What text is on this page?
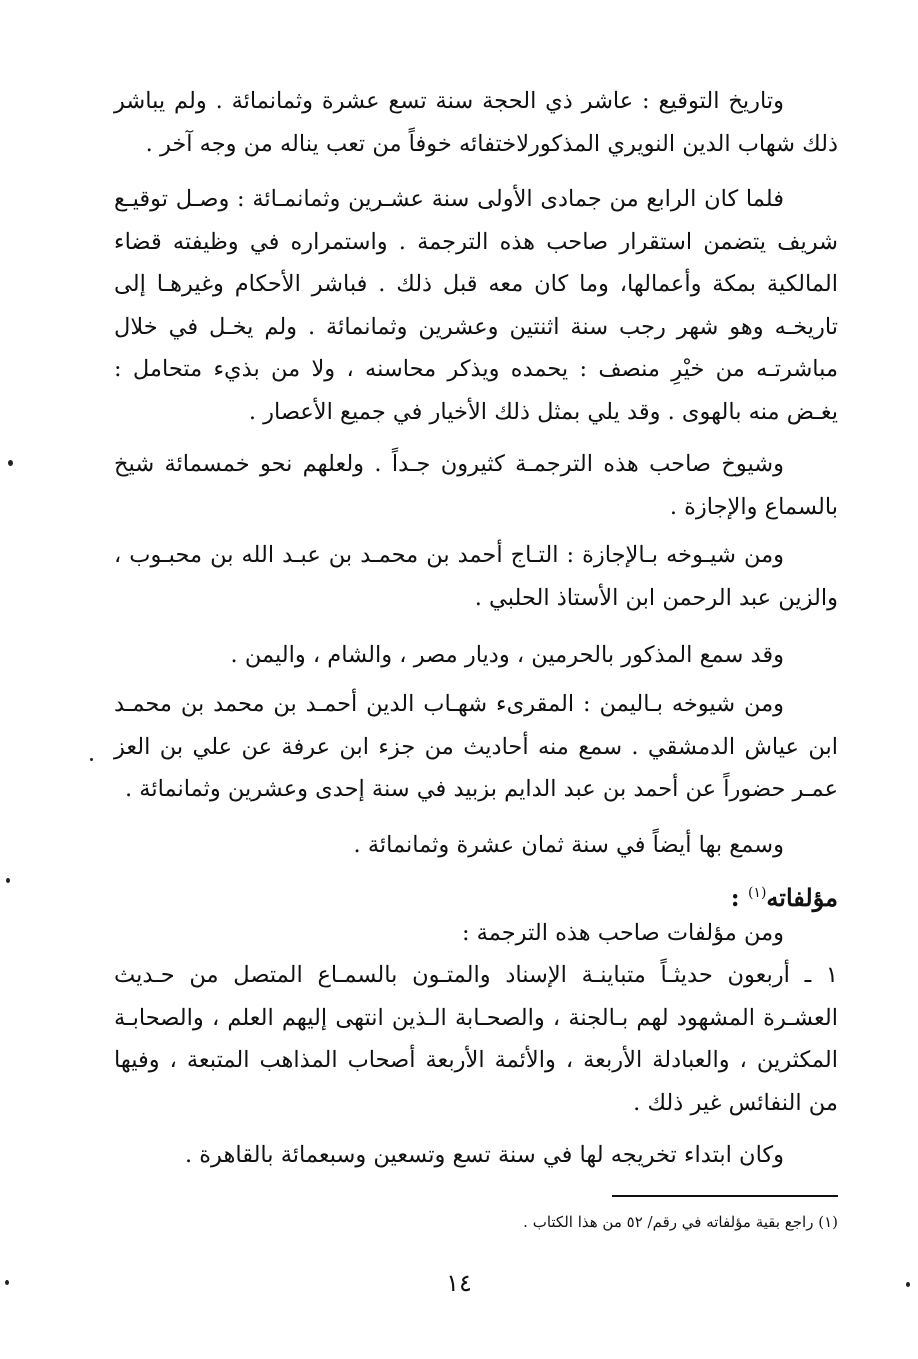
وتاريخ التوقيع : عاشر ذي الحجة سنة تسع عشرة وثمانمائة . ولم يباشر ذلك شهاب الدين النويري المذكورلاختفائه خوفاً من تعب يناله من وجه آخر .

فلما كان الرابع من جمادى الأولى سنة عشـرين وثمانمـائة : وصـل توقيـع شريف يتضمن استقرار صاحب هذه الترجمة . واستمراره في وظيفته قضاء المالكية بمكة وأعمالها، وما كان معه قبل ذلك . فباشر الأحكام وغيرهـا إلى تاريخـه وهو شهر رجب سنة اثنتين وعشرين وثمانمائة . ولم يخـل في خلال مباشرتـه من خيْرِ منصف : يحمده ويذكر محاسنه ، ولا من بذيء متحامل : يغـض منه بالهوى . وقد يلي بمثل ذلك الأخيار في جميع الأعصار .

وشيوخ صاحب هذه الترجمـة كثيرون جـداً . ولعلهم نحو خمسمائة شيخ بالسماع والإجازة .

ومن شيـوخه بـالإجازة : التـاج أحمد بن محمـد بن عبـد الله بن محبـوب ، والزين عبد الرحمن ابن الأستاذ الحلبي .

وقد سمع المذكور بالحرمين ، وديار مصر ، والشام ، واليمن .

ومن شيوخه بـاليمن : المقرىء شهـاب الدين أحمـد بن محمد بن محمـد ابن عياش الدمشقي . سمع منه أحاديث من جزء ابن عرفة عن علي بن العز عمـر حضوراً عن أحمد بن عبد الدايم بزبيد في سنة إحدى وعشرين وثمانمائة .

وسمع بها أيضاً في سنة ثمان عشرة وثمانمائة .

مؤلفاته$^{(١)}$ :

ومن مؤلفات صاحب هذه الترجمة :

١ ـ أربعون حديثـاً متباينـة الإسناد والمتـون بالسمـاع المتصل من حـديث العشـرة المشهود لهم بـالجنة ، والصحـابة الـذين انتهى إليهم العلم ، والصحابـة المكثرين ، والعبادلة الأربعة ، والأئمة الأربعة أصحاب المذاهب المتبعة ، وفيها من النفائس غير ذلك .

وكان ابتداء تخريجه لها في سنة تسع وتسعين وسبعمائة بالقاهرة .

(١) راجع بقية مؤلفاته في رقم/ ٥٢ من هذا الكتاب .
١٤
